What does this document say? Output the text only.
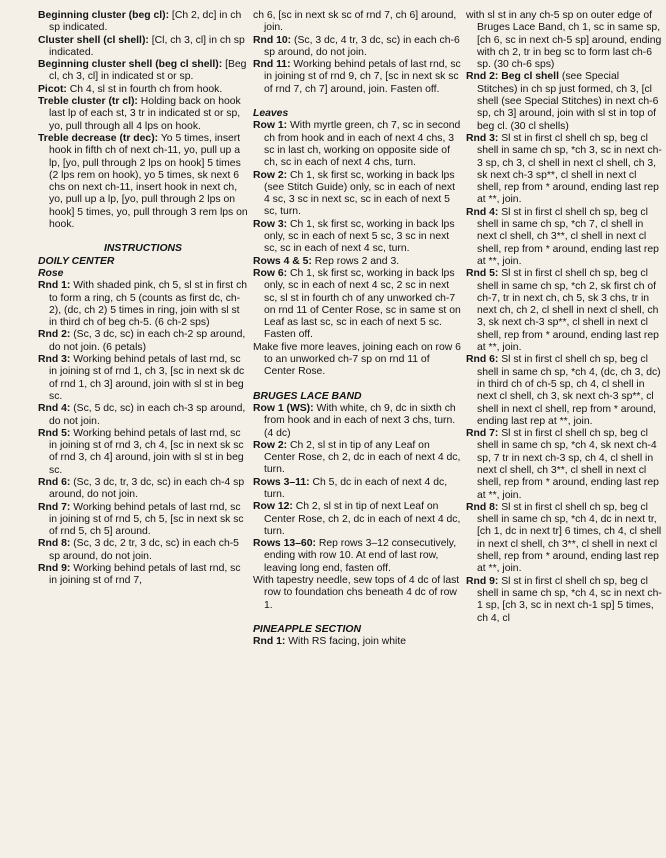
Beginning cluster (beg cl): [Ch 2, dc] in ch sp indicated.

Cluster shell (cl shell): [Cl, ch 3, cl] in ch sp indicated.

Beginning cluster shell (beg cl shell): [Beg cl, ch 3, cl] in indicated st or sp.

Picot: Ch 4, sl st in fourth ch from hook.

Treble cluster (tr cl): Holding back on hook last lp of each st, 3 tr in indicated st or sp, yo, pull through all 4 lps on hook.

Treble decrease (tr dec): Yo 5 times, insert hook in fifth ch of next ch-11, yo, pull up a lp, [yo, pull through 2 lps on hook] 5 times (2 lps rem on hook), yo 5 times, sk next 6 chs on next ch-11, insert hook in next ch, yo, pull up a lp, [yo, pull through 2 lps on hook] 5 times, yo, pull through 3 rem lps on hook.

INSTRUCTIONS

DOILY CENTER

Rose

Rnd 1: With shaded pink, ch 5, sl st in first ch to form a ring, ch 5 (counts as first dc, ch-2), (dc, ch 2) 5 times in ring, join with sl st in third ch of beg ch-5. (6 ch-2 sps)

Rnd 2: (Sc, 3 dc, sc) in each ch-2 sp around, do not join. (6 petals)

Rnd 3: Working behind petals of last rnd, sc in joining st of rnd 1, ch 3, [sc in next sk dc of rnd 1, ch 3] around, join with sl st in beg sc.

Rnd 4: (Sc, 5 dc, sc) in each ch-3 sp around, do not join.

Rnd 5: Working behind petals of last rnd, sc in joining st of rnd 3, ch 4, [sc in next sk sc of rnd 3, ch 4] around, join with sl st in beg sc.

Rnd 6: (Sc, 3 dc, tr, 3 dc, sc) in each ch-4 sp around, do not join.

Rnd 7: Working behind petals of last rnd, sc in joining st of rnd 5, ch 5, [sc in next sk sc of rnd 5, ch 5] around.

Rnd 8: (Sc, 3 dc, 2 tr, 3 dc, sc) in each ch-5 sp around, do not join.

Rnd 9: Working behind petals of last rnd, sc in joining st of rnd 7,

ch 6, [sc in next sk sc of rnd 7, ch 6] around, join.

Rnd 10: (Sc, 3 dc, 4 tr, 3 dc, sc) in each ch-6 sp around, do not join.

Rnd 11: Working behind petals of last rnd, sc in joining st of rnd 9, ch 7, [sc in next sk sc of rnd 7, ch 7] around, join. Fasten off.

Leaves

Row 1: With myrtle green, ch 7, sc in second ch from hook and in each of next 4 chs, 3 sc in last ch, working on opposite side of ch, sc in each of next 4 chs, turn.

Row 2: Ch 1, sk first sc, working in back lps (see Stitch Guide) only, sc in each of next 4 sc, 3 sc in next sc, sc in each of next 5 sc, turn.

Row 3: Ch 1, sk first sc, working in back lps only, sc in each of next 5 sc, 3 sc in next sc, sc in each of next 4 sc, turn.

Rows 4 & 5: Rep rows 2 and 3.

Row 6: Ch 1, sk first sc, working in back lps only, sc in each of next 4 sc, 2 sc in next sc, sl st in fourth ch of any unworked ch-7 on rnd 11 of Center Rose, sc in same st on Leaf as last sc, sc in each of next 5 sc. Fasten off.

Make five more leaves, joining each on row 6 to an unworked ch-7 sp on rnd 11 of Center Rose.

BRUGES LACE BAND

Row 1 (WS): With white, ch 9, dc in sixth ch from hook and in each of next 3 chs, turn. (4 dc)

Row 2: Ch 2, sl st in tip of any Leaf on Center Rose, ch 2, dc in each of next 4 dc, turn.

Rows 3–11: Ch 5, dc in each of next 4 dc, turn.

Row 12: Ch 2, sl st in tip of next Leaf on Center Rose, ch 2, dc in each of next 4 dc, turn.

Rows 13–60: Rep rows 3–12 consecutively, ending with row 10. At end of last row, leaving long end, fasten off.

With tapestry needle, sew tops of 4 dc of last row to foundation chs beneath 4 dc of row 1.

PINEAPPLE SECTION

Rnd 1: With RS facing, join white

with sl st in any ch-5 sp on outer edge of Bruges Lace Band, ch 1, sc in same sp, [ch 6, sc in next ch-5 sp] around, ending with ch 2, tr in beg sc to form last ch-6 sp. (30 ch-6 sps)

Rnd 2: Beg cl shell (see Special Stitches) in ch sp just formed, ch 3, [cl shell (see Special Stitches) in next ch-6 sp, ch 3] around, join with sl st in top of beg cl. (30 cl shells)

Rnd 3: Sl st in first cl shell ch sp, beg cl shell in same ch sp, *ch 3, sc in next ch-3 sp, ch 3, cl shell in next cl shell, ch 3, sk next ch-3 sp**, cl shell in next cl shell, rep from * around, ending last rep at **, join.

Rnd 4: Sl st in first cl shell ch sp, beg cl shell in same ch sp, *ch 7, cl shell in next cl shell, ch 3**, cl shell in next cl shell, rep from * around, ending last rep at **, join.

Rnd 5: Sl st in first cl shell ch sp, beg cl shell in same ch sp, *ch 2, sk first ch of ch-7, tr in next ch, ch 5, sk 3 chs, tr in next ch, ch 2, cl shell in next cl shell, ch 3, sk next ch-3 sp**, cl shell in next cl shell, rep from * around, ending last rep at **, join.

Rnd 6: Sl st in first cl shell ch sp, beg cl shell in same ch sp, *ch 4, (dc, ch 3, dc) in third ch of ch-5 sp, ch 4, cl shell in next cl shell, ch 3, sk next ch-3 sp**, cl shell in next cl shell, rep from * around, ending last rep at **, join.

Rnd 7: Sl st in first cl shell ch sp, beg cl shell in same ch sp, *ch 4, sk next ch-4 sp, 7 tr in next ch-3 sp, ch 4, cl shell in next cl shell, ch 3**, cl shell in next cl shell, rep from * around, ending last rep at **, join.

Rnd 8: Sl st in first cl shell ch sp, beg cl shell in same ch sp, *ch 4, dc in next tr, [ch 1, dc in next tr] 6 times, ch 4, cl shell in next cl shell, ch 3**, cl shell in next cl shell, rep from * around, ending last rep at **, join.

Rnd 9: Sl st in first cl shell ch sp, beg cl shell in same ch sp, *ch 4, sc in next ch-1 sp, [ch 3, sc in next ch-1 sp] 5 times, ch 4, cl
